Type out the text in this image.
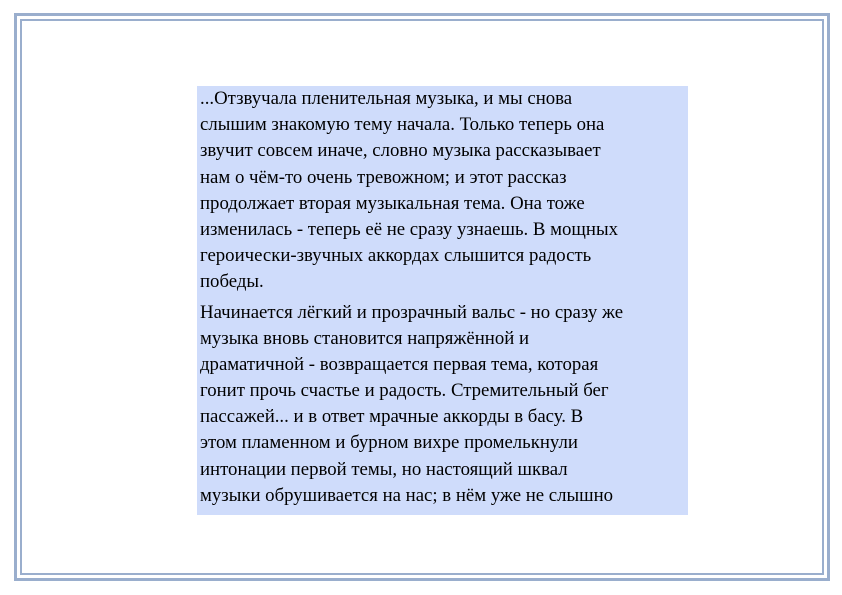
...Отзвучала пленительная музыка, и мы снова
слышим знакомую тему начала. Только теперь она
звучит совсем иначе, словно музыка рассказывает
нам о чём-то очень тревожном; и этот рассказ
продолжает вторая музыкальная тема. Она тоже
изменилась - теперь её не сразу узнаешь. В мощных
героически-звучных аккордах слышится радость
победы.

Начинается лёгкий и прозрачный вальс - но сразу же
музыка вновь становится напряжённой и
драматичной - возвращается первая тема, которая
гонит прочь счастье и радость. Стремительный бег
пассажей... и в ответ мрачные аккорды в басу. В
этом пламенном и бурном вихре промелькнули
интонации первой темы, но настоящий шквал
музыки обрушивается на нас; в нём уже не слышно
